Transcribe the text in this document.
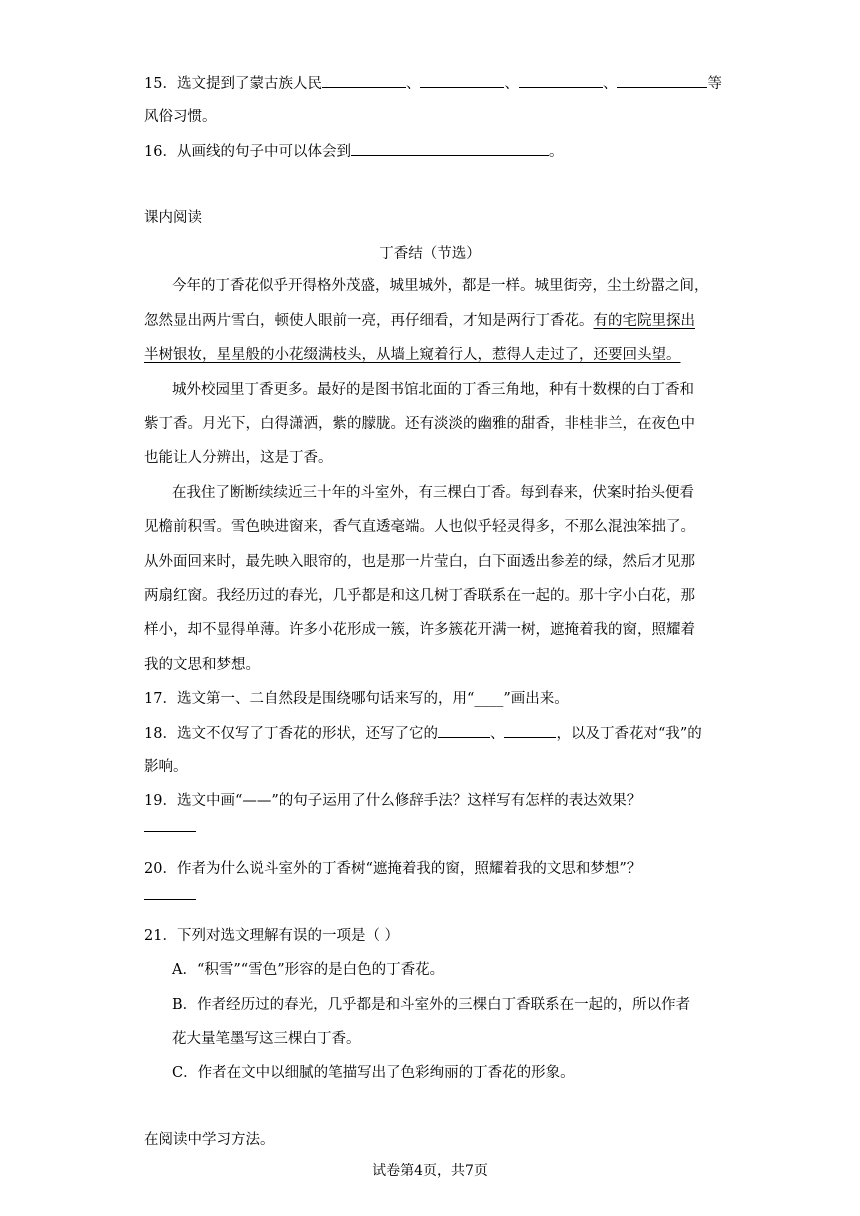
15．选文提到了蒙古族人民	、	、	、	等
风俗习惯。
16．从画线的句子中可以体会到	。
课内阅读
丁香结（节选）
今年的丁香花似乎开得格外茂盛，城里城外，都是一样。城里街旁，尘土纷嚣之间，
忽然显出两片雪白，顿使人眼前一亮，再仔细看，才知是两行丁香花。有的宅院里探出
半树银妆，星星般的小花缀满枝头，从墙上窥着行人，惹得人走过了，还要回头望。
城外校园里丁香更多。最好的是图书馆北面的丁香三角地，种有十数棵的白丁香和
紫丁香。月光下，白得潇洒，紫的朦胧。还有淡淡的幽雅的甜香，非桂非兰，在夜色中
也能让人分辨出，这是丁香。
在我住了断断续续近三十年的斗室外，有三棵白丁香。每到春来，伏案时抬头便看
见檐前积雪。雪色映进窗来，香气直透毫端。人也似乎轻灵得多，不那么混浊笨拙了。
从外面回来时，最先映入眼帘的，也是那一片莹白，白下面透出参差的绿，然后才见那
两扇红窗。我经历过的春光，几乎都是和这几树丁香联系在一起的。那十字小白花，那
样小，却不显得单薄。许多小花形成一簇，许多簇花开满一树，遮掩着我的窗，照耀着
我的文思和梦想。
17．选文第一、二自然段是围绕哪句话来写的，用“____”画出来。
18．选文不仅写了丁香花的形状，还写了它的	、	，以及丁香花对“我”的
影响。
19．选文中画“——”的句子运用了什么修辞手法？这样写有怎样的表达效果？
20．作者为什么说斗室外的丁香树“遮掩着我的窗，照耀着我的文思和梦想”？
21．下列对选文理解有误的一项是（ ）
A．“积雪”“雪色”形容的是白色的丁香花。
B．作者经历过的春光，几乎都是和斗室外的三棵白丁香联系在一起的，所以作者
花大量笔墨写这三棵白丁香。
C．作者在文中以细腻的笔描写出了色彩绚丽的丁香花的形象。
在阅读中学习方法。
试卷第4页，共7页
